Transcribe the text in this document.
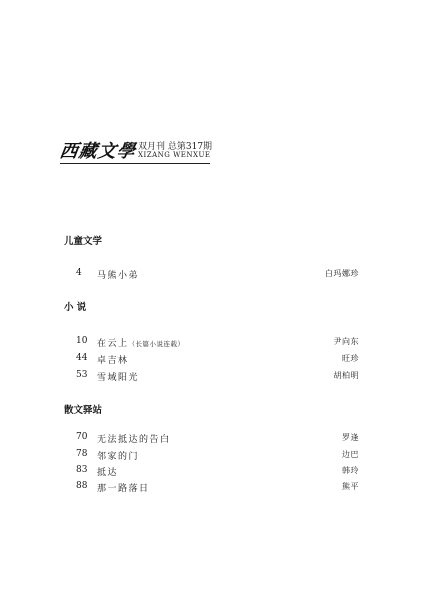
西藏文學 双月刊 总第317期
XIZANG WENXUE
儿童文学
4	马熊小弟	白玛娜珍
小 说
10	在云上（长篇小说连载）	尹向东
44	卓吉林	旺珍
53	雪域阳光	胡柏明
散文驿站
70	无法抵达的告白	罗逢
78	邻家的门	边巴
83	抵达	韩玲
88	那一路落日	熊平
